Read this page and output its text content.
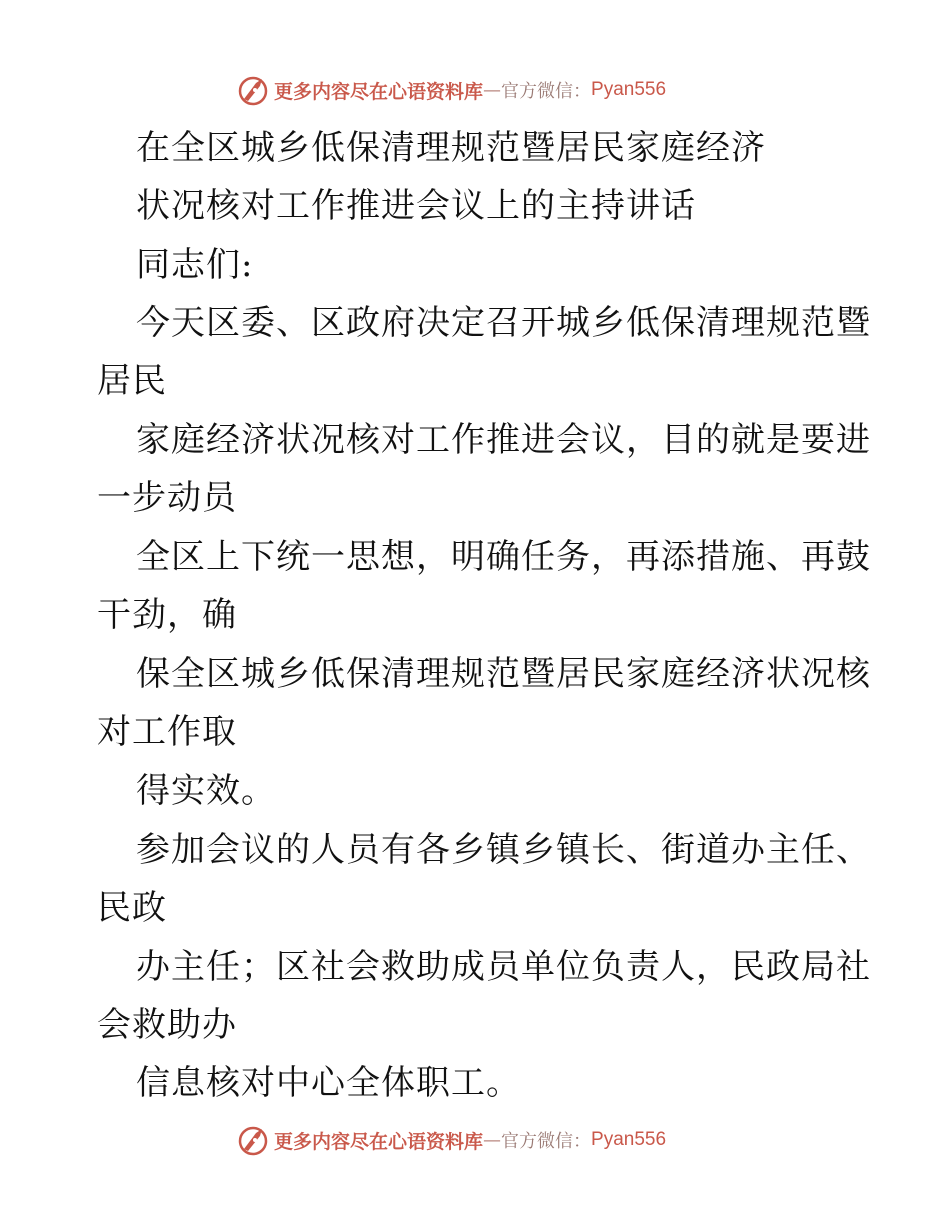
更多内容尽在心语资料库 — 官方微信： Pyan556
在全区城乡低保清理规范暨居民家庭经济
状况核对工作推进会议上的主持讲话
同志们:
今天区委、区政府决定召开城乡低保清理规范暨
居民
家庭经济状况核对工作推进会议，目的就是要进
一步动员
全区上下统一思想，明确任务，再添措施、再鼓
干劲，确
保全区城乡低保清理规范暨居民家庭经济状况核
对工作取
得实效。
参加会议的人员有各乡镇乡镇长、街道办主任、
民政
办主任；区社会救助成员单位负责人，民政局社
会救助办
信息核对中心全体职工。
更多内容尽在心语资料库 — 官方微信： Pyan556
